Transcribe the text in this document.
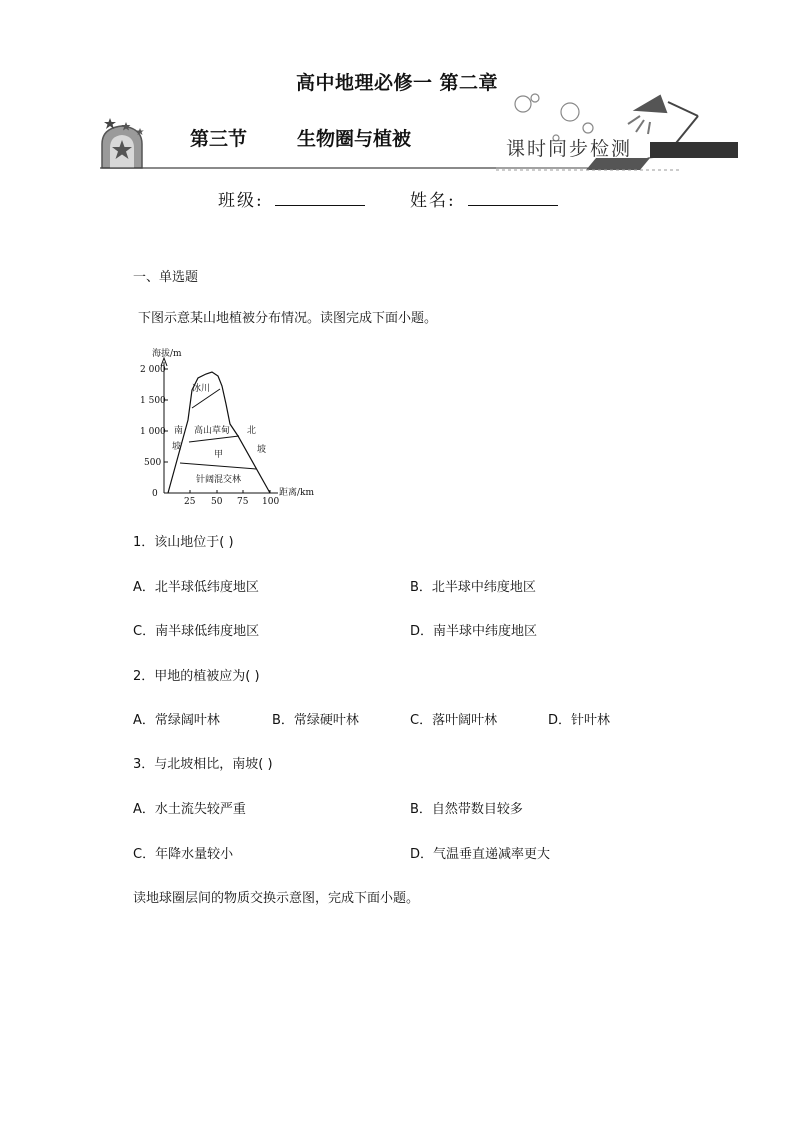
高中地理必修一 第二章
第三节	生物圈与植被	课时同步检测
班级:	姓名:
一、单选题
下图示意某山地植被分布情况。读图完成下面小题。
海拔/m
2 000
1 500
1 000
500
0
25 50 75 100
距离/km
冰川
高山草甸
甲
针阔混交林
南
坡
北
坡
1．该山地位于( )
A．北半球低纬度地区	B．北半球中纬度地区
C．南半球低纬度地区	D．南半球中纬度地区
2．甲地的植被应为( )
A．常绿阔叶林	B．常绿硬叶林	C．落叶阔叶林	D．针叶林
3．与北坡相比，南坡( )
A．水土流失较严重	B．自然带数目较多
C．年降水量较小	D．气温垂直递减率更大
读地球圈层间的物质交换示意图，完成下面小题。
